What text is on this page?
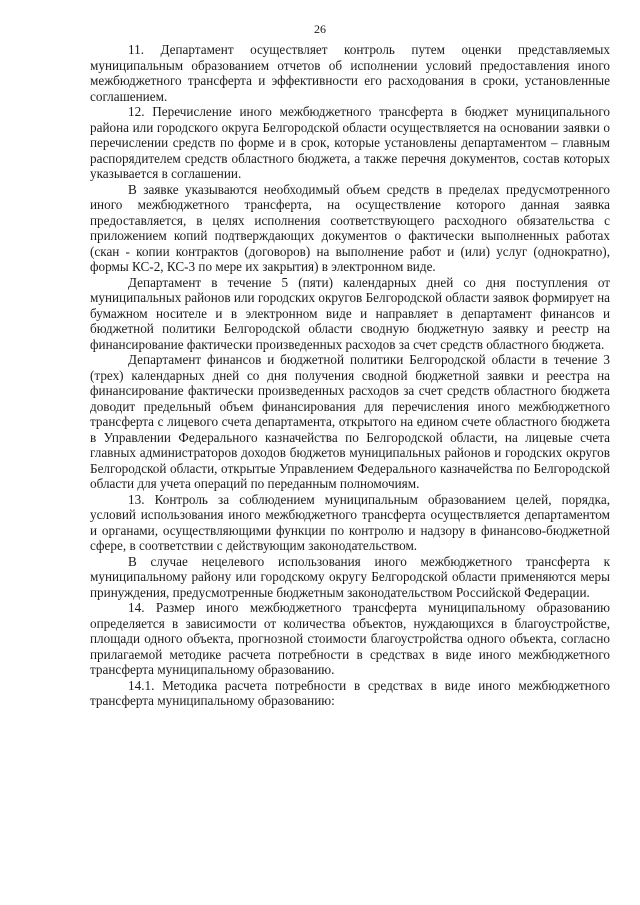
26

11. Департамент осуществляет контроль путем оценки представляемых муниципальным образованием отчетов об исполнении условий предоставления иного межбюджетного трансферта и эффективности его расходования в сроки, установленные соглашением.

12. Перечисление иного межбюджетного трансферта в бюджет муниципального района или городского округа Белгородской области осуществляется на основании заявки о перечислении средств по форме и в срок, которые установлены департаментом – главным распорядителем средств областного бюджета, а также перечня документов, состав которых указывается в соглашении.

В заявке указываются необходимый объем средств в пределах предусмотренного иного межбюджетного трансферта, на осуществление которого данная заявка предоставляется, в целях исполнения соответствующего расходного обязательства с приложением копий подтверждающих документов о фактически выполненных работах (скан - копии контрактов (договоров) на выполнение работ и (или) услуг (однократно), формы КС-2, КС-3 по мере их закрытия) в электронном виде.

Департамент в течение 5 (пяти) календарных дней со дня поступления от муниципальных районов или городских округов Белгородской области заявок формирует на бумажном носителе и в электронном виде и направляет в департамент финансов и бюджетной политики Белгородской области сводную бюджетную заявку и реестр на финансирование фактически произведенных расходов за счет средств областного бюджета.

Департамент финансов и бюджетной политики Белгородской области в течение 3 (трех) календарных дней со дня получения сводной бюджетной заявки и реестра на финансирование фактически произведенных расходов за счет средств областного бюджета доводит предельный объем финансирования для перечисления иного межбюджетного трансферта с лицевого счета департамента, открытого на едином счете областного бюджета в Управлении Федерального казначейства по Белгородской области, на лицевые счета главных администраторов доходов бюджетов муниципальных районов и городских округов Белгородской области, открытые Управлением Федерального казначейства по Белгородской области для учета операций по переданным полномочиям.

13. Контроль за соблюдением муниципальным образованием целей, порядка, условий использования иного межбюджетного трансферта осуществляется департаментом и органами, осуществляющими функции по контролю и надзору в финансово-бюджетной сфере, в соответствии с действующим законодательством.

В случае нецелевого использования иного межбюджетного трансферта к муниципальному району или городскому округу Белгородской области применяются меры принуждения, предусмотренные бюджетным законодательством Российской Федерации.

14. Размер иного межбюджетного трансферта муниципальному образованию определяется в зависимости от количества объектов, нуждающихся в благоустройстве, площади одного объекта, прогнозной стоимости благоустройства одного объекта, согласно прилагаемой методике расчета потребности в средствах в виде иного межбюджетного трансферта муниципальному образованию.

14.1. Методика расчета потребности в средствах в виде иного межбюджетного трансферта муниципальному образованию:
